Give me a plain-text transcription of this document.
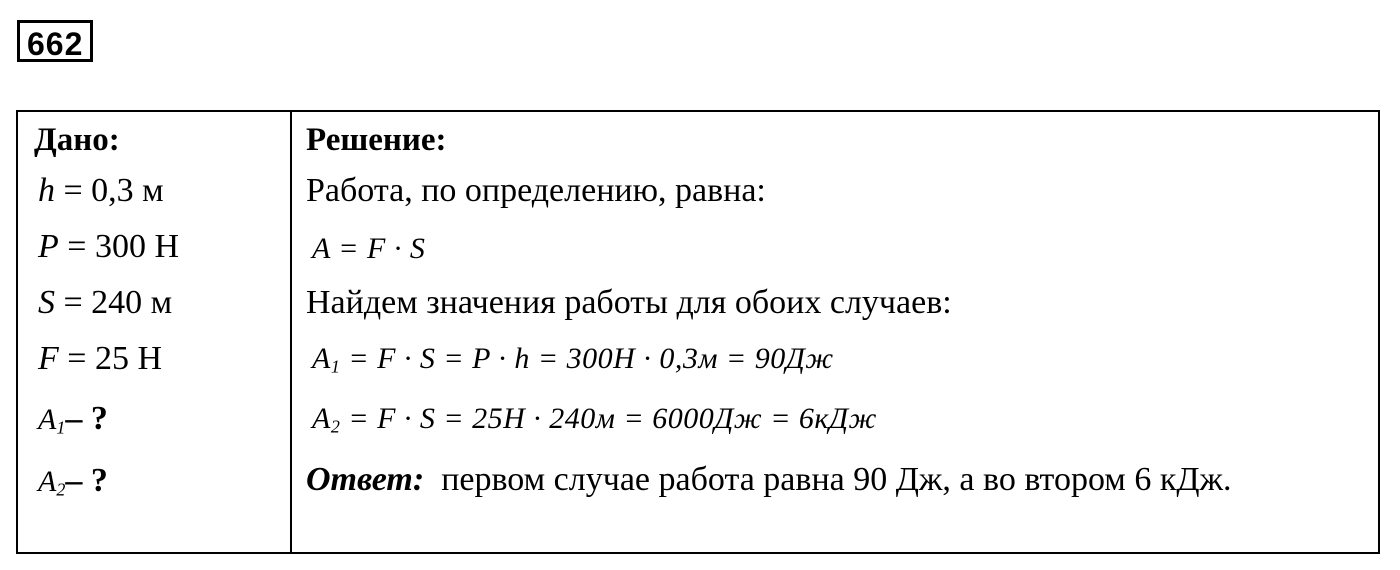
662
Дано:
h = 0,3 м
P = 300 Н
S = 240 м
F = 25 Н
$A_1-$ ?
$A_2-$ ?
Решение:
Работа, по определению, равна:
A = F · S
Найдем значения работы для обоих случаев:
$A_1 = F \cdot S = P \cdot h = 300H \cdot 0,3м = 90Дж$
$A_2 = F \cdot S = 25H \cdot 240м = 6000Дж = 6кДж$
Ответ:  первом случае работа равна 90 Дж, а во втором 6 кДж.
